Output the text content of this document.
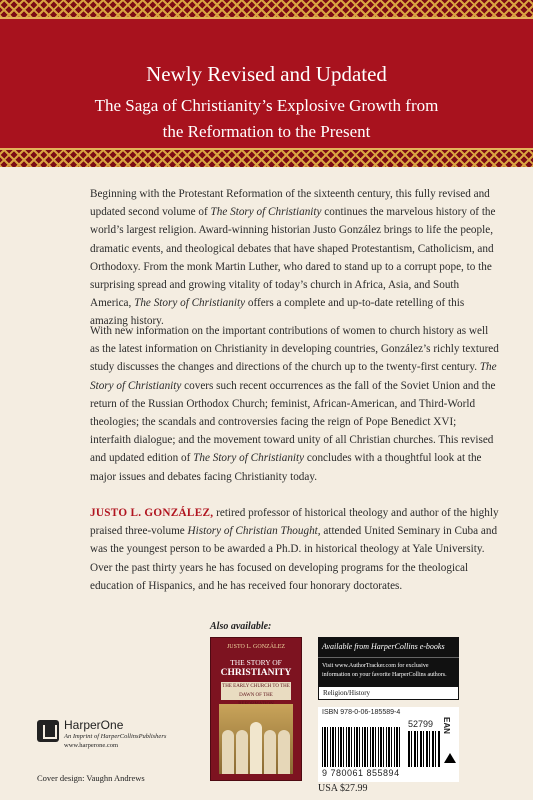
Newly Revised and Updated
The Saga of Christianity’s Explosive Growth from
the Reformation to the Present
Beginning with the Protestant Reformation of the sixteenth century, this fully revised and updated second volume of The Story of Christianity continues the marvelous history of the world’s largest religion. Award-winning historian Justo González brings to life the people, dramatic events, and theological debates that have shaped Protestantism, Catholicism, and Orthodoxy. From the monk Martin Luther, who dared to stand up to a corrupt pope, to the surprising spread and growing vitality of today’s church in Africa, Asia, and South America, The Story of Christianity offers a complete and up-to-date retelling of this amazing history.
With new information on the important contributions of women to church history as well as the latest information on Christianity in developing countries, González’s richly textured study discusses the changes and directions of the church up to the twenty-first century. The Story of Christianity covers such recent occurrences as the fall of the Soviet Union and the return of the Russian Orthodox Church; feminist, African-American, and Third-World theologies; the scandals and controversies facing the reign of Pope Benedict XVI; interfaith dialogue; and the movement toward unity of all Christian churches. This revised and updated edition of The Story of Christianity concludes with a thoughtful look at the major issues and debates facing Christianity today.
JUSTO L. GONZÁLEZ, retired professor of historical theology and author of the highly praised three-volume History of Christian Thought, attended United Seminary in Cuba and was the youngest person to be awarded a Ph.D. in historical theology at Yale University. Over the past thirty years he has focused on developing programs for the theological education of Hispanics, and he has received four honorary doctorates.
Also available:
JUSTO L. GONZÁLEZ
THE STORY OF
CHRISTIANITY
THE EARLY CHURCH TO THE DAWN OF THE
Available from HarperCollins e-books
Visit www.AuthorTracker.com for exclusive information on your favorite HarperCollins authors.
Religion/History
ISBN 978-0-06-185589-4
52799 EAN
9 780061 855894
USA $27.99
HarperOne
An Imprint of HarperCollinsPublishers
www.harperone.com
Cover design: Vaughn Andrews
